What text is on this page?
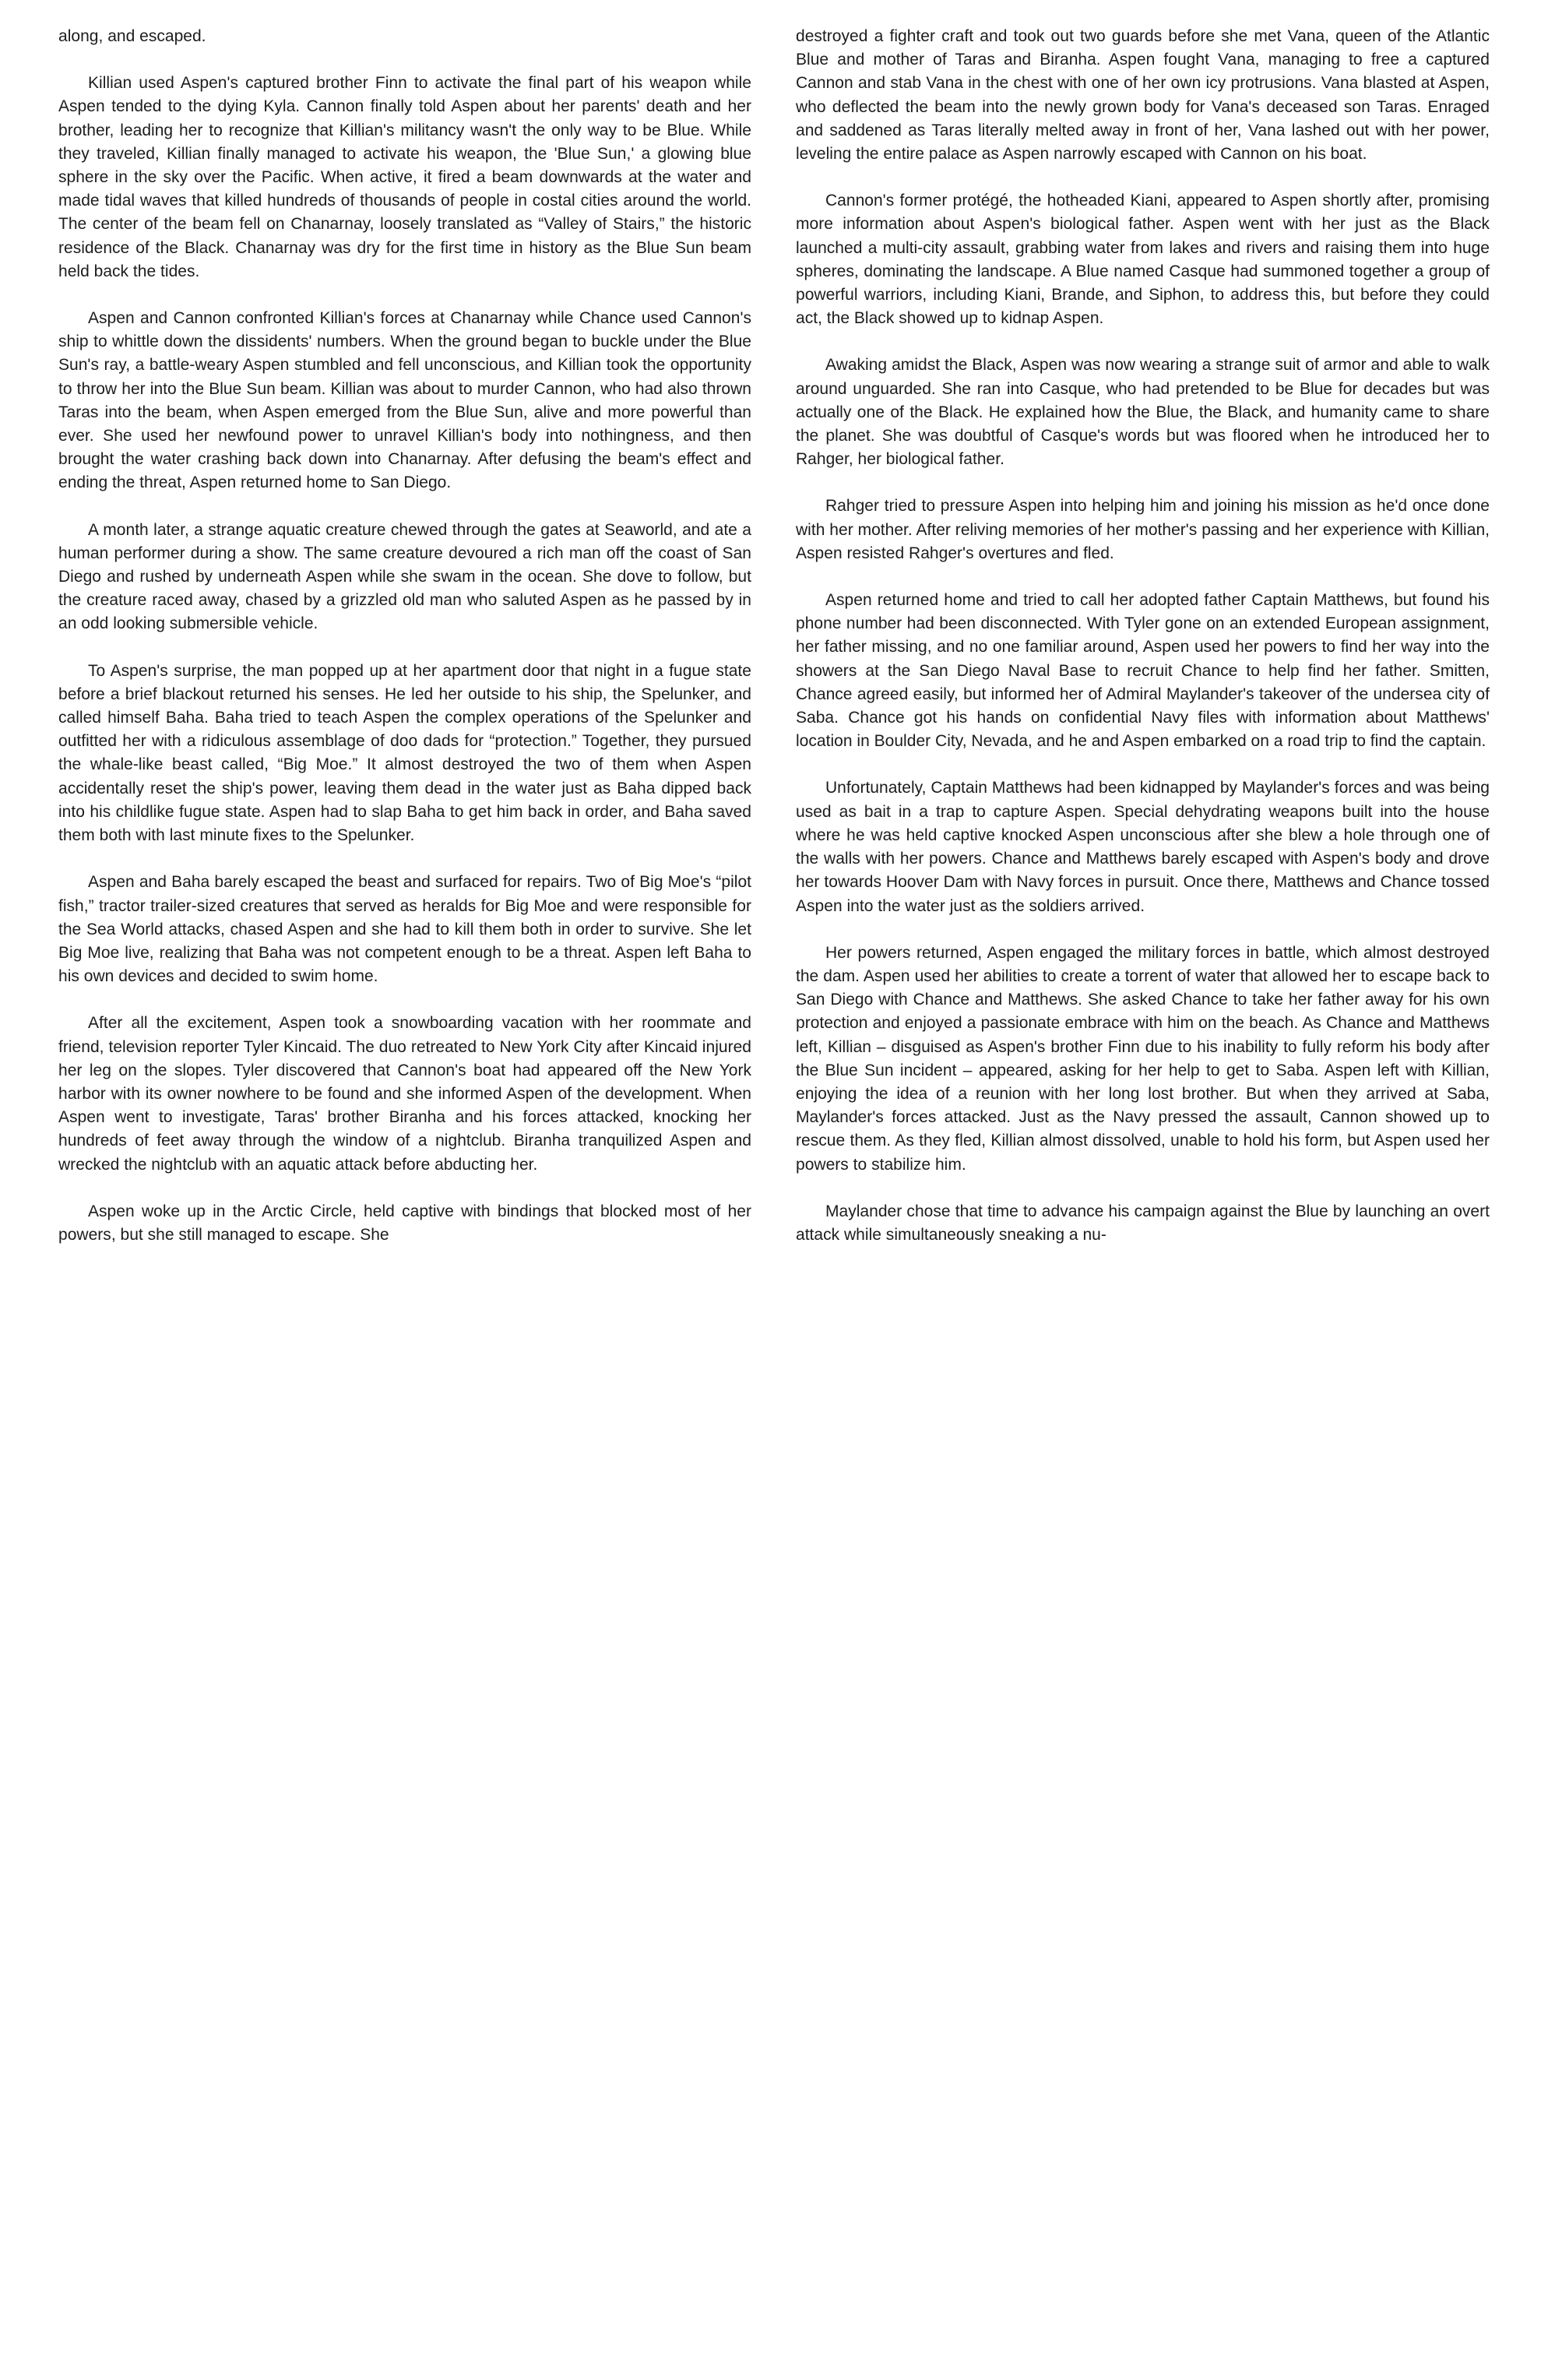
along, and escaped.

Killian used Aspen's captured brother Finn to activate the final part of his weapon while Aspen tended to the dying Kyla. Cannon finally told Aspen about her parents' death and her brother, leading her to recognize that Killian's militancy wasn't the only way to be Blue. While they traveled, Killian finally managed to activate his weapon, the 'Blue Sun,' a glowing blue sphere in the sky over the Pacific. When active, it fired a beam downwards at the water and made tidal waves that killed hundreds of thousands of people in costal cities around the world. The center of the beam fell on Chanarnay, loosely translated as “Valley of Stairs,” the historic residence of the Black. Chanarnay was dry for the first time in history as the Blue Sun beam held back the tides.

Aspen and Cannon confronted Killian's forces at Chanarnay while Chance used Cannon's ship to whittle down the dissidents' numbers. When the ground began to buckle under the Blue Sun's ray, a battle-weary Aspen stumbled and fell unconscious, and Killian took the opportunity to throw her into the Blue Sun beam. Killian was about to murder Cannon, who had also thrown Taras into the beam, when Aspen emerged from the Blue Sun, alive and more powerful than ever. She used her newfound power to unravel Killian's body into nothingness, and then brought the water crashing back down into Chanarnay. After defusing the beam's effect and ending the threat, Aspen returned home to San Diego.

A month later, a strange aquatic creature chewed through the gates at Seaworld, and ate a human performer during a show. The same creature devoured a rich man off the coast of San Diego and rushed by underneath Aspen while she swam in the ocean. She dove to follow, but the creature raced away, chased by a grizzled old man who saluted Aspen as he passed by in an odd looking submersible vehicle.

To Aspen's surprise, the man popped up at her apartment door that night in a fugue state before a brief blackout returned his senses. He led her outside to his ship, the Spelunker, and called himself Baha. Baha tried to teach Aspen the complex operations of the Spelunker and outfitted her with a ridiculous assemblage of doo dads for “protection.” Together, they pursued the whale-like beast called, “Big Moe.” It almost destroyed the two of them when Aspen accidentally reset the ship's power, leaving them dead in the water just as Baha dipped back into his childlike fugue state. Aspen had to slap Baha to get him back in order, and Baha saved them both with last minute fixes to the Spelunker.

Aspen and Baha barely escaped the beast and surfaced for repairs. Two of Big Moe's “pilot fish,” tractor trailer-sized creatures that served as heralds for Big Moe and were responsible for the Sea World attacks, chased Aspen and she had to kill them both in order to survive. She let Big Moe live, realizing that Baha was not competent enough to be a threat. Aspen left Baha to his own devices and decided to swim home.

After all the excitement, Aspen took a snowboarding vacation with her roommate and friend, television reporter Tyler Kincaid. The duo retreated to New York City after Kincaid injured her leg on the slopes. Tyler discovered that Cannon's boat had appeared off the New York harbor with its owner nowhere to be found and she informed Aspen of the development. When Aspen went to investigate, Taras' brother Biranha and his forces attacked, knocking her hundreds of feet away through the window of a nightclub. Biranha tranquilized Aspen and wrecked the nightclub with an aquatic attack before abducting her.

Aspen woke up in the Arctic Circle, held captive with bindings that blocked most of her powers, but she still managed to escape. She

destroyed a fighter craft and took out two guards before she met Vana, queen of the Atlantic Blue and mother of Taras and Biranha. Aspen fought Vana, managing to free a captured Cannon and stab Vana in the chest with one of her own icy protrusions. Vana blasted at Aspen, who deflected the beam into the newly grown body for Vana's deceased son Taras. Enraged and saddened as Taras literally melted away in front of her, Vana lashed out with her power, leveling the entire palace as Aspen narrowly escaped with Cannon on his boat.

Cannon's former protégé, the hotheaded Kiani, appeared to Aspen shortly after, promising more information about Aspen's biological father. Aspen went with her just as the Black launched a multi-city assault, grabbing water from lakes and rivers and raising them into huge spheres, dominating the landscape. A Blue named Casque had summoned together a group of powerful warriors, including Kiani, Brande, and Siphon, to address this, but before they could act, the Black showed up to kidnap Aspen.

Awaking amidst the Black, Aspen was now wearing a strange suit of armor and able to walk around unguarded. She ran into Casque, who had pretended to be Blue for decades but was actually one of the Black. He explained how the Blue, the Black, and humanity came to share the planet. She was doubtful of Casque's words but was floored when he introduced her to Rahger, her biological father.

Rahger tried to pressure Aspen into helping him and joining his mission as he'd once done with her mother. After reliving memories of her mother's passing and her experience with Killian, Aspen resisted Rahger's overtures and fled.

Aspen returned home and tried to call her adopted father Captain Matthews, but found his phone number had been disconnected. With Tyler gone on an extended European assignment, her father missing, and no one familiar around, Aspen used her powers to find her way into the showers at the San Diego Naval Base to recruit Chance to help find her father. Smitten, Chance agreed easily, but informed her of Admiral Maylander's takeover of the undersea city of Saba. Chance got his hands on confidential Navy files with information about Matthews' location in Boulder City, Nevada, and he and Aspen embarked on a road trip to find the captain.

Unfortunately, Captain Matthews had been kidnapped by Maylander's forces and was being used as bait in a trap to capture Aspen. Special dehydrating weapons built into the house where he was held captive knocked Aspen unconscious after she blew a hole through one of the walls with her powers. Chance and Matthews barely escaped with Aspen's body and drove her towards Hoover Dam with Navy forces in pursuit. Once there, Matthews and Chance tossed Aspen into the water just as the soldiers arrived.

Her powers returned, Aspen engaged the military forces in battle, which almost destroyed the dam. Aspen used her abilities to create a torrent of water that allowed her to escape back to San Diego with Chance and Matthews. She asked Chance to take her father away for his own protection and enjoyed a passionate embrace with him on the beach. As Chance and Matthews left, Killian – disguised as Aspen's brother Finn due to his inability to fully reform his body after the Blue Sun incident – appeared, asking for her help to get to Saba. Aspen left with Killian, enjoying the idea of a reunion with her long lost brother. But when they arrived at Saba, Maylander's forces attacked. Just as the Navy pressed the assault, Cannon showed up to rescue them. As they fled, Killian almost dissolved, unable to hold his form, but Aspen used her powers to stabilize him.

Maylander chose that time to advance his campaign against the Blue by launching an overt attack while simultaneously sneaking a nu-
